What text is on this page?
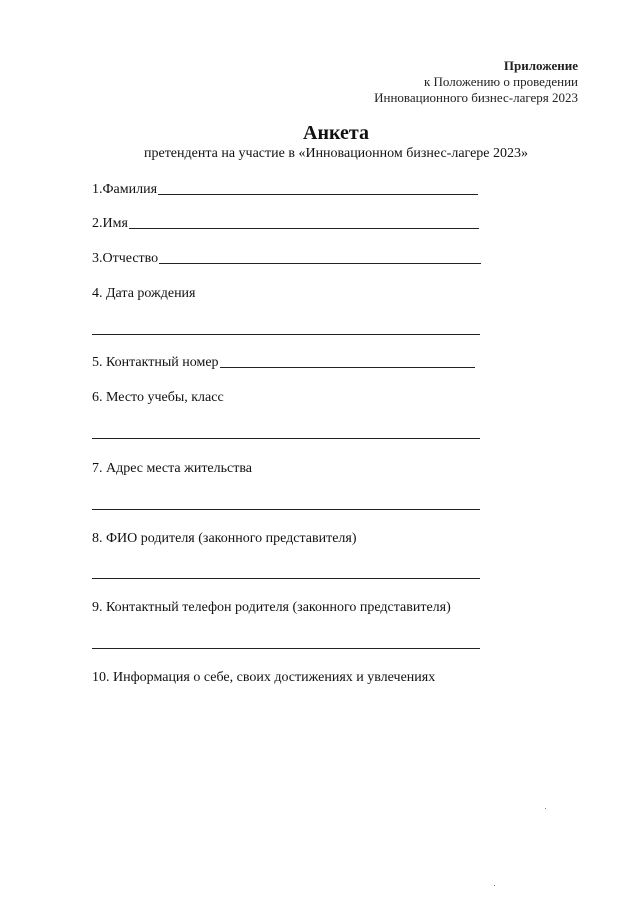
Приложение
к Положению о проведении
Инновационного бизнес-лагеря 2023
Анкета
претендента на участие в «Инновационном бизнес-лагере 2023»
1.Фамилия
2.Имя
3.Отчество
4. Дата рождения
5. Контактный номер
6. Место учебы, класс
7. Адрес места жительства
8. ФИО родителя (законного представителя)
9. Контактный телефон родителя (законного представителя)
10. Информация о себе, своих достижениях и увлечениях
